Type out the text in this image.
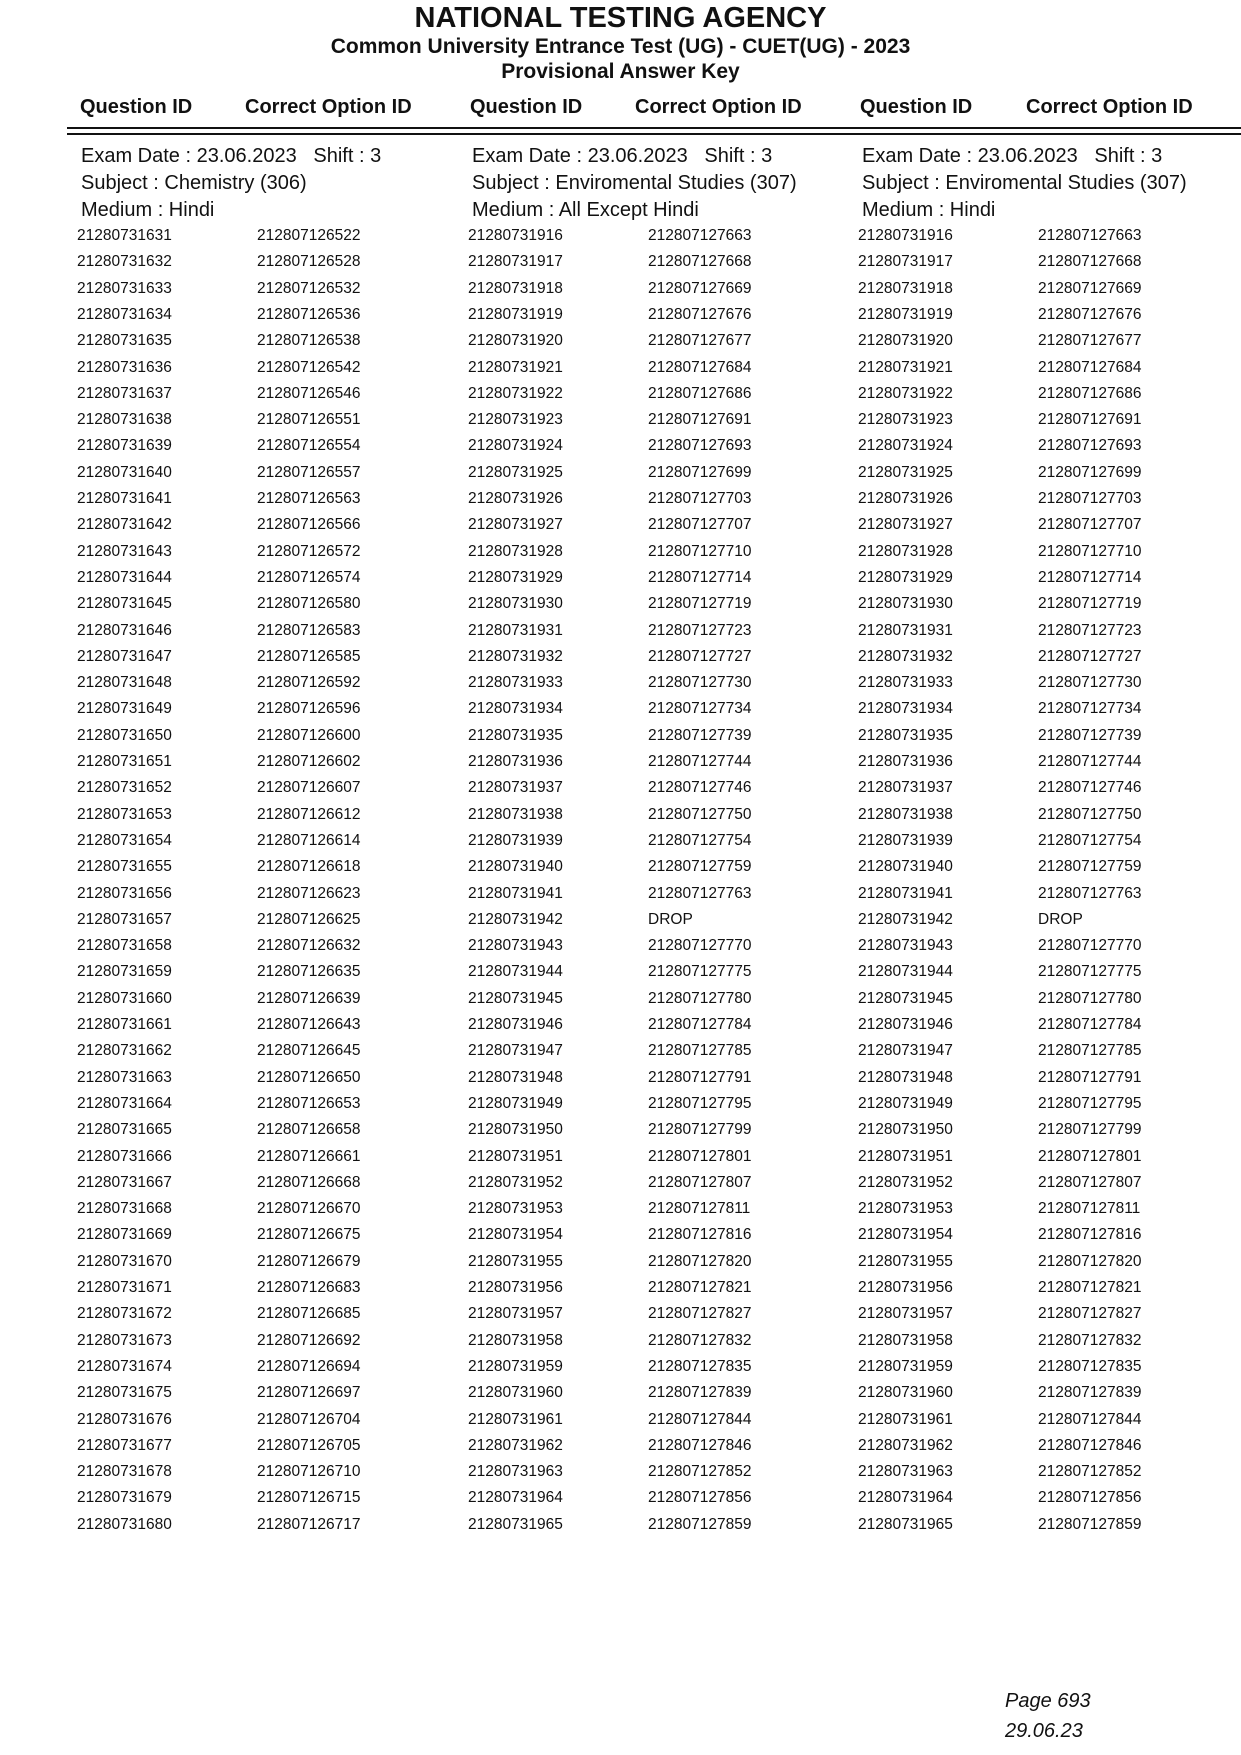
NATIONAL TESTING AGENCY
Common University Entrance Test (UG) - CUET(UG) - 2023
Provisional Answer Key
Question ID	Correct Option ID	Question ID	Correct Option ID	Question ID	Correct Option ID
Exam Date : 23.06.2023 Shift : 3
Subject : Chemistry (306)
Medium : Hindi
Exam Date : 23.06.2023 Shift : 3
Subject : Enviromental Studies (307)
Medium : All Except Hindi
Exam Date : 23.06.2023 Shift : 3
Subject : Enviromental Studies (307)
Medium : Hindi
21280731631	212807126522
21280731632	212807126528
21280731633	212807126532
21280731634	212807126536
21280731635	212807126538
21280731636	212807126542
21280731637	212807126546
21280731638	212807126551
21280731639	212807126554
21280731640	212807126557
21280731641	212807126563
21280731642	212807126566
21280731643	212807126572
21280731644	212807126574
21280731645	212807126580
21280731646	212807126583
21280731647	212807126585
21280731648	212807126592
21280731649	212807126596
21280731650	212807126600
21280731651	212807126602
21280731652	212807126607
21280731653	212807126612
21280731654	212807126614
21280731655	212807126618
21280731656	212807126623
21280731657	212807126625
21280731658	212807126632
21280731659	212807126635
21280731660	212807126639
21280731661	212807126643
21280731662	212807126645
21280731663	212807126650
21280731664	212807126653
21280731665	212807126658
21280731666	212807126661
21280731667	212807126668
21280731668	212807126670
21280731669	212807126675
21280731670	212807126679
21280731671	212807126683
21280731672	212807126685
21280731673	212807126692
21280731674	212807126694
21280731675	212807126697
21280731676	212807126704
21280731677	212807126705
21280731678	212807126710
21280731679	212807126715
21280731680	212807126717
21280731916	212807127663
21280731917	212807127668
21280731918	212807127669
21280731919	212807127676
21280731920	212807127677
21280731921	212807127684
21280731922	212807127686
21280731923	212807127691
21280731924	212807127693
21280731925	212807127699
21280731926	212807127703
21280731927	212807127707
21280731928	212807127710
21280731929	212807127714
21280731930	212807127719
21280731931	212807127723
21280731932	212807127727
21280731933	212807127730
21280731934	212807127734
21280731935	212807127739
21280731936	212807127744
21280731937	212807127746
21280731938	212807127750
21280731939	212807127754
21280731940	212807127759
21280731941	212807127763
21280731942	DROP
21280731943	212807127770
21280731944	212807127775
21280731945	212807127780
21280731946	212807127784
21280731947	212807127785
21280731948	212807127791
21280731949	212807127795
21280731950	212807127799
21280731951	212807127801
21280731952	212807127807
21280731953	212807127811
21280731954	212807127816
21280731955	212807127820
21280731956	212807127821
21280731957	212807127827
21280731958	212807127832
21280731959	212807127835
21280731960	212807127839
21280731961	212807127844
21280731962	212807127846
21280731963	212807127852
21280731964	212807127856
21280731965	212807127859
21280731916	212807127663
21280731917	212807127668
21280731918	212807127669
21280731919	212807127676
21280731920	212807127677
21280731921	212807127684
21280731922	212807127686
21280731923	212807127691
21280731924	212807127693
21280731925	212807127699
21280731926	212807127703
21280731927	212807127707
21280731928	212807127710
21280731929	212807127714
21280731930	212807127719
21280731931	212807127723
21280731932	212807127727
21280731933	212807127730
21280731934	212807127734
21280731935	212807127739
21280731936	212807127744
21280731937	212807127746
21280731938	212807127750
21280731939	212807127754
21280731940	212807127759
21280731941	212807127763
21280731942	DROP
21280731943	212807127770
21280731944	212807127775
21280731945	212807127780
21280731946	212807127784
21280731947	212807127785
21280731948	212807127791
21280731949	212807127795
21280731950	212807127799
21280731951	212807127801
21280731952	212807127807
21280731953	212807127811
21280731954	212807127816
21280731955	212807127820
21280731956	212807127821
21280731957	212807127827
21280731958	212807127832
21280731959	212807127835
21280731960	212807127839
21280731961	212807127844
21280731962	212807127846
21280731963	212807127852
21280731964	212807127856
21280731965	212807127859
Page 693
29.06.23
